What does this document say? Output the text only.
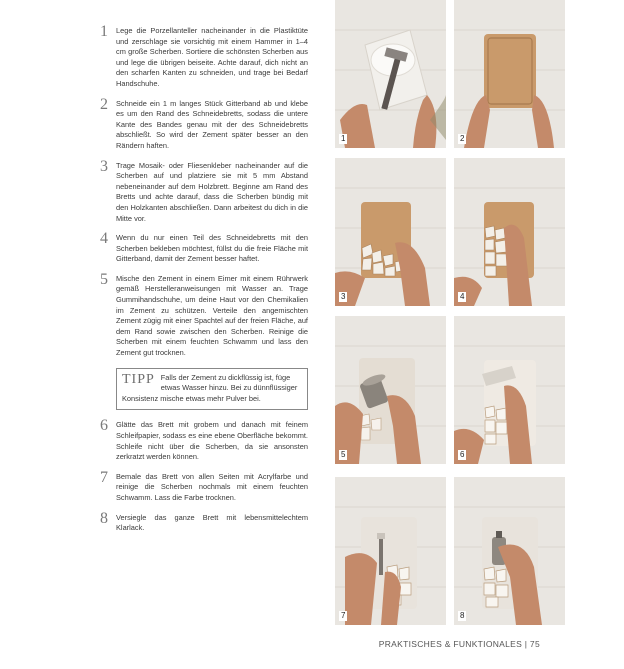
1 Lege die Porzellanteller nacheinander in die Plastiktüte und zerschlage sie vorsichtig mit einem Hammer in 1–4 cm große Scherben. Sortiere die schönsten Scherben aus und lege die übrigen beiseite. Achte darauf, dich nicht an den scharfen Kanten zu schneiden, und trage bei Bedarf Handschuhe.
2 Schneide ein 1 m langes Stück Gitterband ab und klebe es um den Rand des Schneidebretts, sodass die untere Kante des Bandes genau mit der des Schneidebretts abschließt. So wird der Zement später besser an den Rändern haften.
3 Trage Mosaik- oder Fliesenkleber nacheinander auf die Scherben auf und platziere sie mit 5 mm Abstand nebeneinander auf dem Holzbrett. Beginne am Rand des Bretts und achte darauf, dass die Scherben bündig mit den Holzkanten abschließen. Dann arbeitest du dich in die Mitte vor.
4 Wenn du nur einen Teil des Schneidebretts mit den Scherben bekleben möchtest, füllst du die freie Fläche mit Gitterband, damit der Zement besser haftet.
5 Mische den Zement in einem Eimer mit einem Rührwerk gemäß Herstelleranweisungen mit Wasser an. Trage Gummihandschuhe, um deine Haut vor den Chemikalien im Zement zu schützen. Verteile den angemischten Zement zügig mit einer Spachtel auf der freien Fläche, auf dem Rand sowie zwischen den Scherben. Reinige die Scherben mit einem feuchten Schwamm und lass den Zement gut trocknen.
TIPP Falls der Zement zu dickflüssig ist, füge etwas Wasser hinzu. Bei zu dünnflüssiger Konsistenz mische etwas mehr Pulver bei.
6 Glätte das Brett mit grobem und danach mit feinem Schleifpapier, sodass es eine ebene Oberfläche bekommt. Schleife nicht über die Scherben, da sie ansonsten zerkratzt werden können.
7 Bemale das Brett von allen Seiten mit Acrylfarbe und reinige die Scherben nochmals mit einem feuchten Schwamm. Lass die Farbe trocknen.
8 Versiegle das ganze Brett mit lebensmittelechtem Klarlack.
1	2
3	4
5	6
7	8
PRAKTISCHES & FUNKTIONALES | 75
